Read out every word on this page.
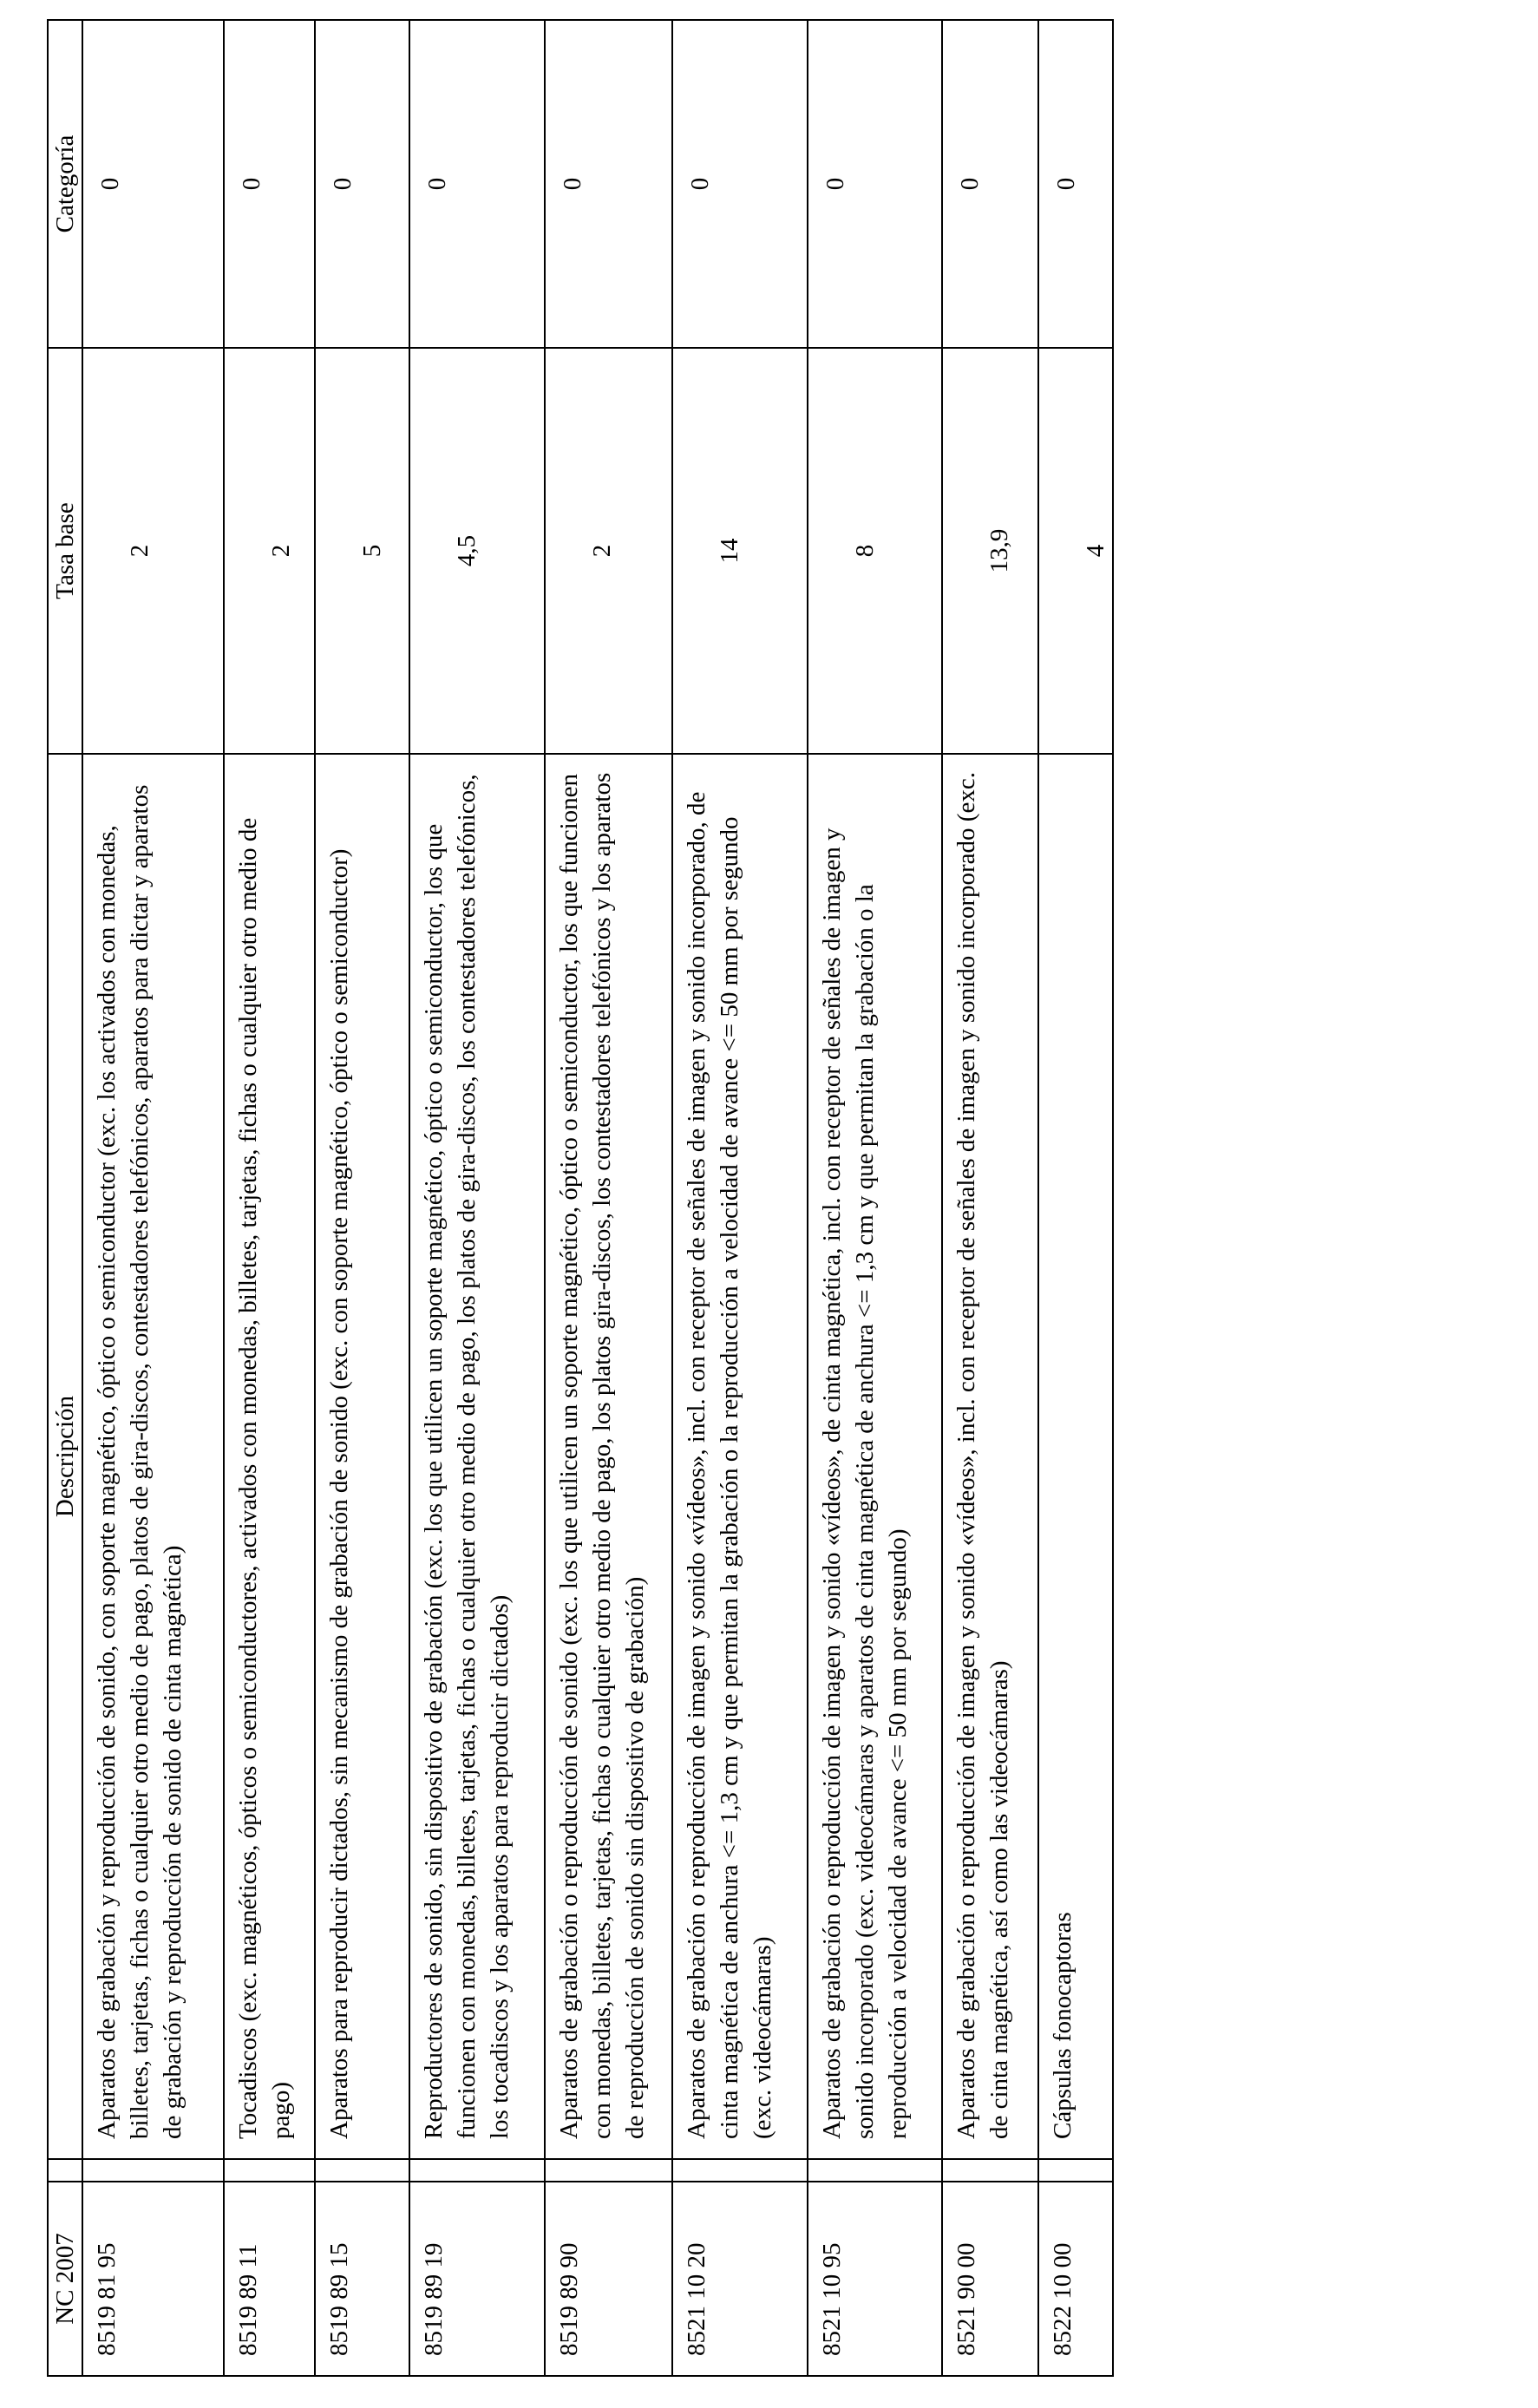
NC 2007		Descripción	Tasa base	Categoría
8519 81 95		Aparatos de grabación y reproducción de sonido, con soporte magnético, óptico o semiconductor (exc. los activados con monedas, billetes, tarjetas, fichas o cualquier otro medio de pago, platos de gira-discos, contestadores telefónicos, aparatos para dictar y aparatos de grabación y reproducción de sonido de cinta magnética)	2	0
8519 89 11		Tocadiscos (exc. magnéticos, ópticos o semiconductores, activados con monedas, billetes, tarjetas, fichas o cualquier otro medio de pago)	2	0
8519 89 15		Aparatos para reproducir dictados, sin mecanismo de grabación de sonido (exc. con soporte magnético, óptico o semiconductor)	5	0
8519 89 19		Reproductores de sonido, sin dispositivo de grabación (exc. los que utilicen un soporte magnético, óptico o semiconductor, los que funcionen con monedas, billetes, tarjetas, fichas o cualquier otro medio de pago, los platos de gira-discos, los contestadores telefónicos, los tocadiscos y los aparatos para reproducir dictados)	4,5	0
8519 89 90		Aparatos de grabación o reproducción de sonido (exc. los que utilicen un soporte magnético, óptico o semiconductor, los que funcionen con monedas, billetes, tarjetas, fichas o cualquier otro medio de pago, los platos gira-discos, los contestadores telefónicos y los aparatos de reproducción de sonido sin dispositivo de grabación)	2	0
8521 10 20		Aparatos de grabación o reproducción de imagen y sonido «vídeos», incl. con receptor de señales de imagen y sonido incorporado, de cinta magnética de anchura <= 1,3 cm y que permitan la grabación o la reproducción a velocidad de avance <= 50 mm por segundo (exc. videocámaras)	14	0
8521 10 95		Aparatos de grabación o reproducción de imagen y sonido «vídeos», de cinta magnética, incl. con receptor de señales de imagen y sonido incorporado (exc. videocámaras y aparatos de cinta magnética de anchura <= 1,3 cm y que permitan la grabación o la reproducción a velocidad de avance <= 50 mm por segundo)	8	0
8521 90 00		Aparatos de grabación o reproducción de imagen y sonido «vídeos», incl. con receptor de señales de imagen y sonido incorporado (exc. de cinta magnética, así como las videocámaras)	13,9	0
8522 10 00		Cápsulas fonocaptoras	4	0
